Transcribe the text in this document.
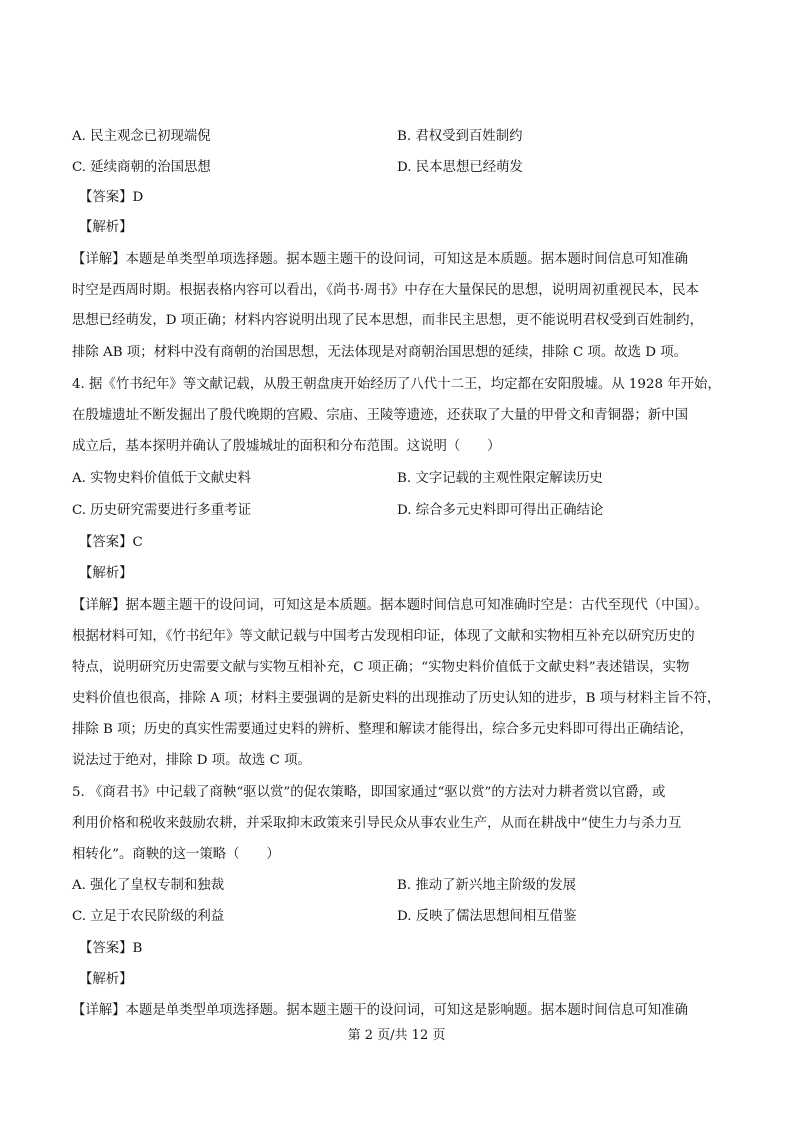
A. 民主观念已初现端倪	B. 君权受到百姓制约
C. 延续商朝的治国思想	D. 民本思想已经萌发
【答案】D
【解析】
【详解】本题是单类型单项选择题。据本题主题干的设问词，可知这是本质题。据本题时间信息可知准确
时空是西周时期。根据表格内容可以看出，《尚书·周书》中存在大量保民的思想，说明周初重视民本，民本
思想已经萌发，D 项正确；材料内容说明出现了民本思想，而非民主思想，更不能说明君权受到百姓制约，
排除 AB 项；材料中没有商朝的治国思想，无法体现是对商朝治国思想的延续，排除 C 项。故选 D 项。
4. 据《竹书纪年》等文献记载，从殷王朝盘庚开始经历了八代十二王，均定都在安阳殷墟。从 1928 年开始，
在殷墟遗址不断发掘出了殷代晚期的宫殿、宗庙、王陵等遗迹，还获取了大量的甲骨文和青铜器；新中国
成立后，基本探明并确认了殷墟城址的面积和分布范围。这说明（　　）
A. 实物史料价值低于文献史料	B. 文字记载的主观性限定解读历史
C. 历史研究需要进行多重考证	D. 综合多元史料即可得出正确结论
【答案】C
【解析】
【详解】据本题主题干的设问词，可知这是本质题。据本题时间信息可知准确时空是：古代至现代（中国）。
根据材料可知，《竹书纪年》等文献记载与中国考古发现相印证，体现了文献和实物相互补充以研究历史的
特点，说明研究历史需要文献与实物互相补充，C 项正确；“实物史料价值低于文献史料”表述错误，实物
史料价值也很高，排除 A 项；材料主要强调的是新史料的出现推动了历史认知的进步，B 项与材料主旨不符，
排除 B 项；历史的真实性需要通过史料的辨析、整理和解读才能得出，综合多元史料即可得出正确结论，
说法过于绝对，排除 D 项。故选 C 项。
5. 《商君书》中记载了商鞅“驱以赏”的促农策略，即国家通过“驱以赏”的方法对力耕者赏以官爵，或
利用价格和税收来鼓励农耕，并采取抑末政策来引导民众从事农业生产，从而在耕战中“使生力与杀力互
相转化”。商鞅的这一策略（　　）
A. 强化了皇权专制和独裁	B. 推动了新兴地主阶级的发展
C. 立足于农民阶级的利益	D. 反映了儒法思想间相互借鉴
【答案】B
【解析】
【详解】本题是单类型单项选择题。据本题主题干的设问词，可知这是影响题。据本题时间信息可知准确
第 2 页/共 12 页
